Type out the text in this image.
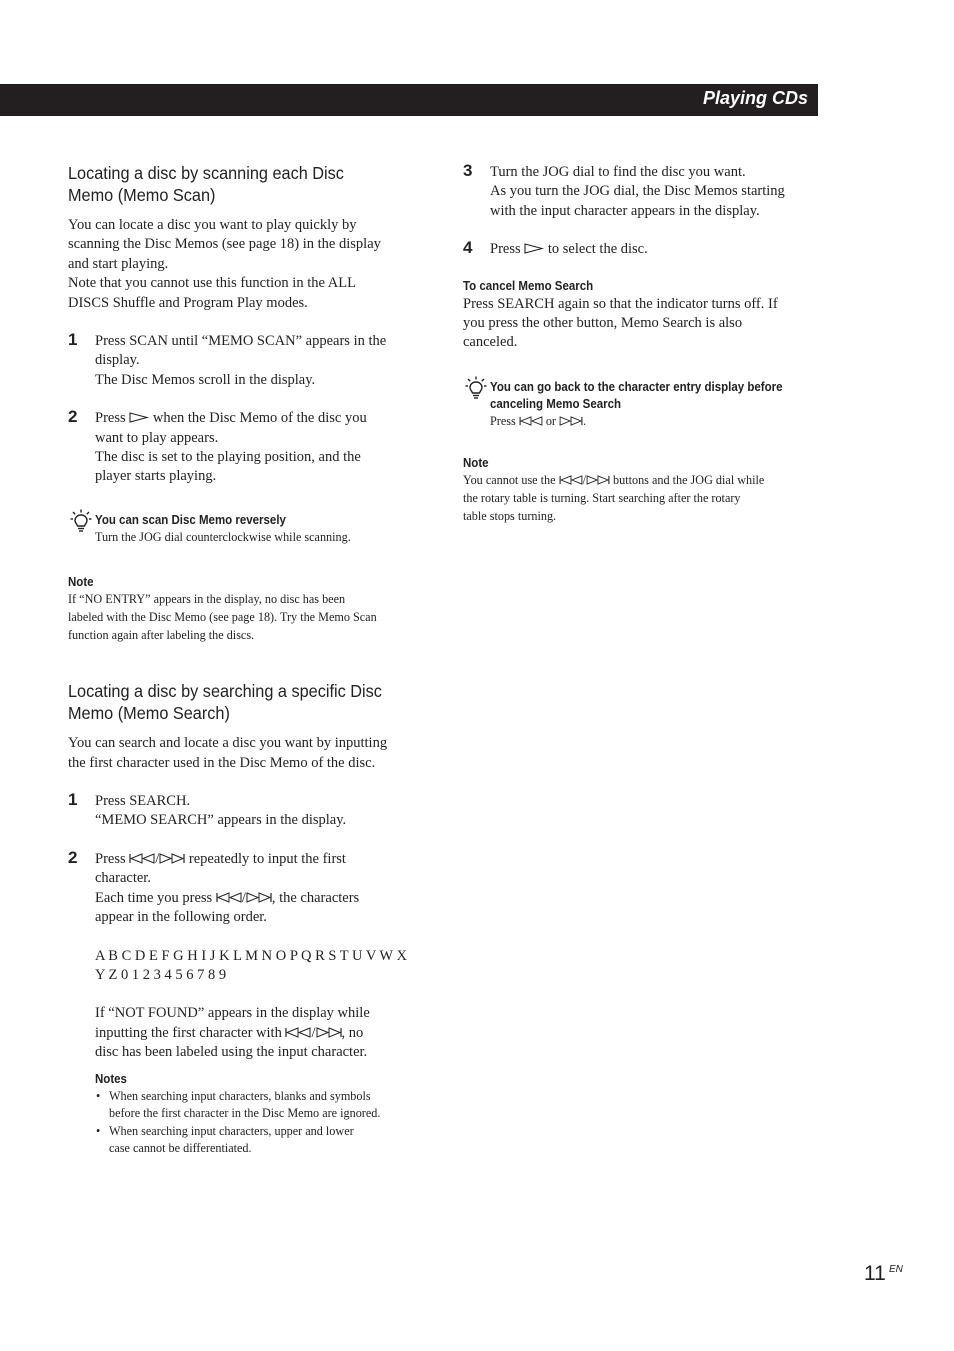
Playing CDs
Locating a disc by scanning each Disc
Memo (Memo Scan)
You can locate a disc you want to play quickly by
scanning the Disc Memos (see page 18) in the display
and start playing.
Note that you cannot use this function in the ALL
DISCS Shuffle and Program Play modes.
1 Press SCAN until “MEMO SCAN” appears in the
display.
The Disc Memos scroll in the display.
2 Press when the Disc Memo of the disc you
want to play appears.
The disc is set to the playing position, and the
player starts playing.
You can scan Disc Memo reversely
Turn the JOG dial counterclockwise while scanning.
Note
If “NO ENTRY” appears in the display, no disc has been
labeled with the Disc Memo (see page 18). Try the Memo Scan
function again after labeling the discs.
Locating a disc by searching a specific Disc
Memo (Memo Search)
You can search and locate a disc you want by inputting
the first character used in the Disc Memo of the disc.
1 Press SEARCH.
“MEMO SEARCH” appears in the display.
2 Press / repeatedly to input the first
character.
Each time you press / , the characters
appear in the following order.
A B C D E F G H I J K L M N O P Q R S T U V W X
Y Z 0 1 2 3 4 5 6 7 8 9
If “NOT FOUND” appears in the display while
inputting the first character with / , no
disc has been labeled using the input character.
Notes
• When searching input characters, blanks and symbols
before the first character in the Disc Memo are ignored.
• When searching input characters, upper and lower
case cannot be differentiated.
3 Turn the JOG dial to find the disc you want.
As you turn the JOG dial, the Disc Memos starting
with the input character appears in the display.
4 Press to select the disc.
To cancel Memo Search
Press SEARCH again so that the indicator turns off. If
you press the other button, Memo Search is also
canceled.
You can go back to the character entry display before
canceling Memo Search
Press or .
Note
You cannot use the / buttons and the JOG dial while
the rotary table is turning. Start searching after the rotary
table stops turning.
11 EN
